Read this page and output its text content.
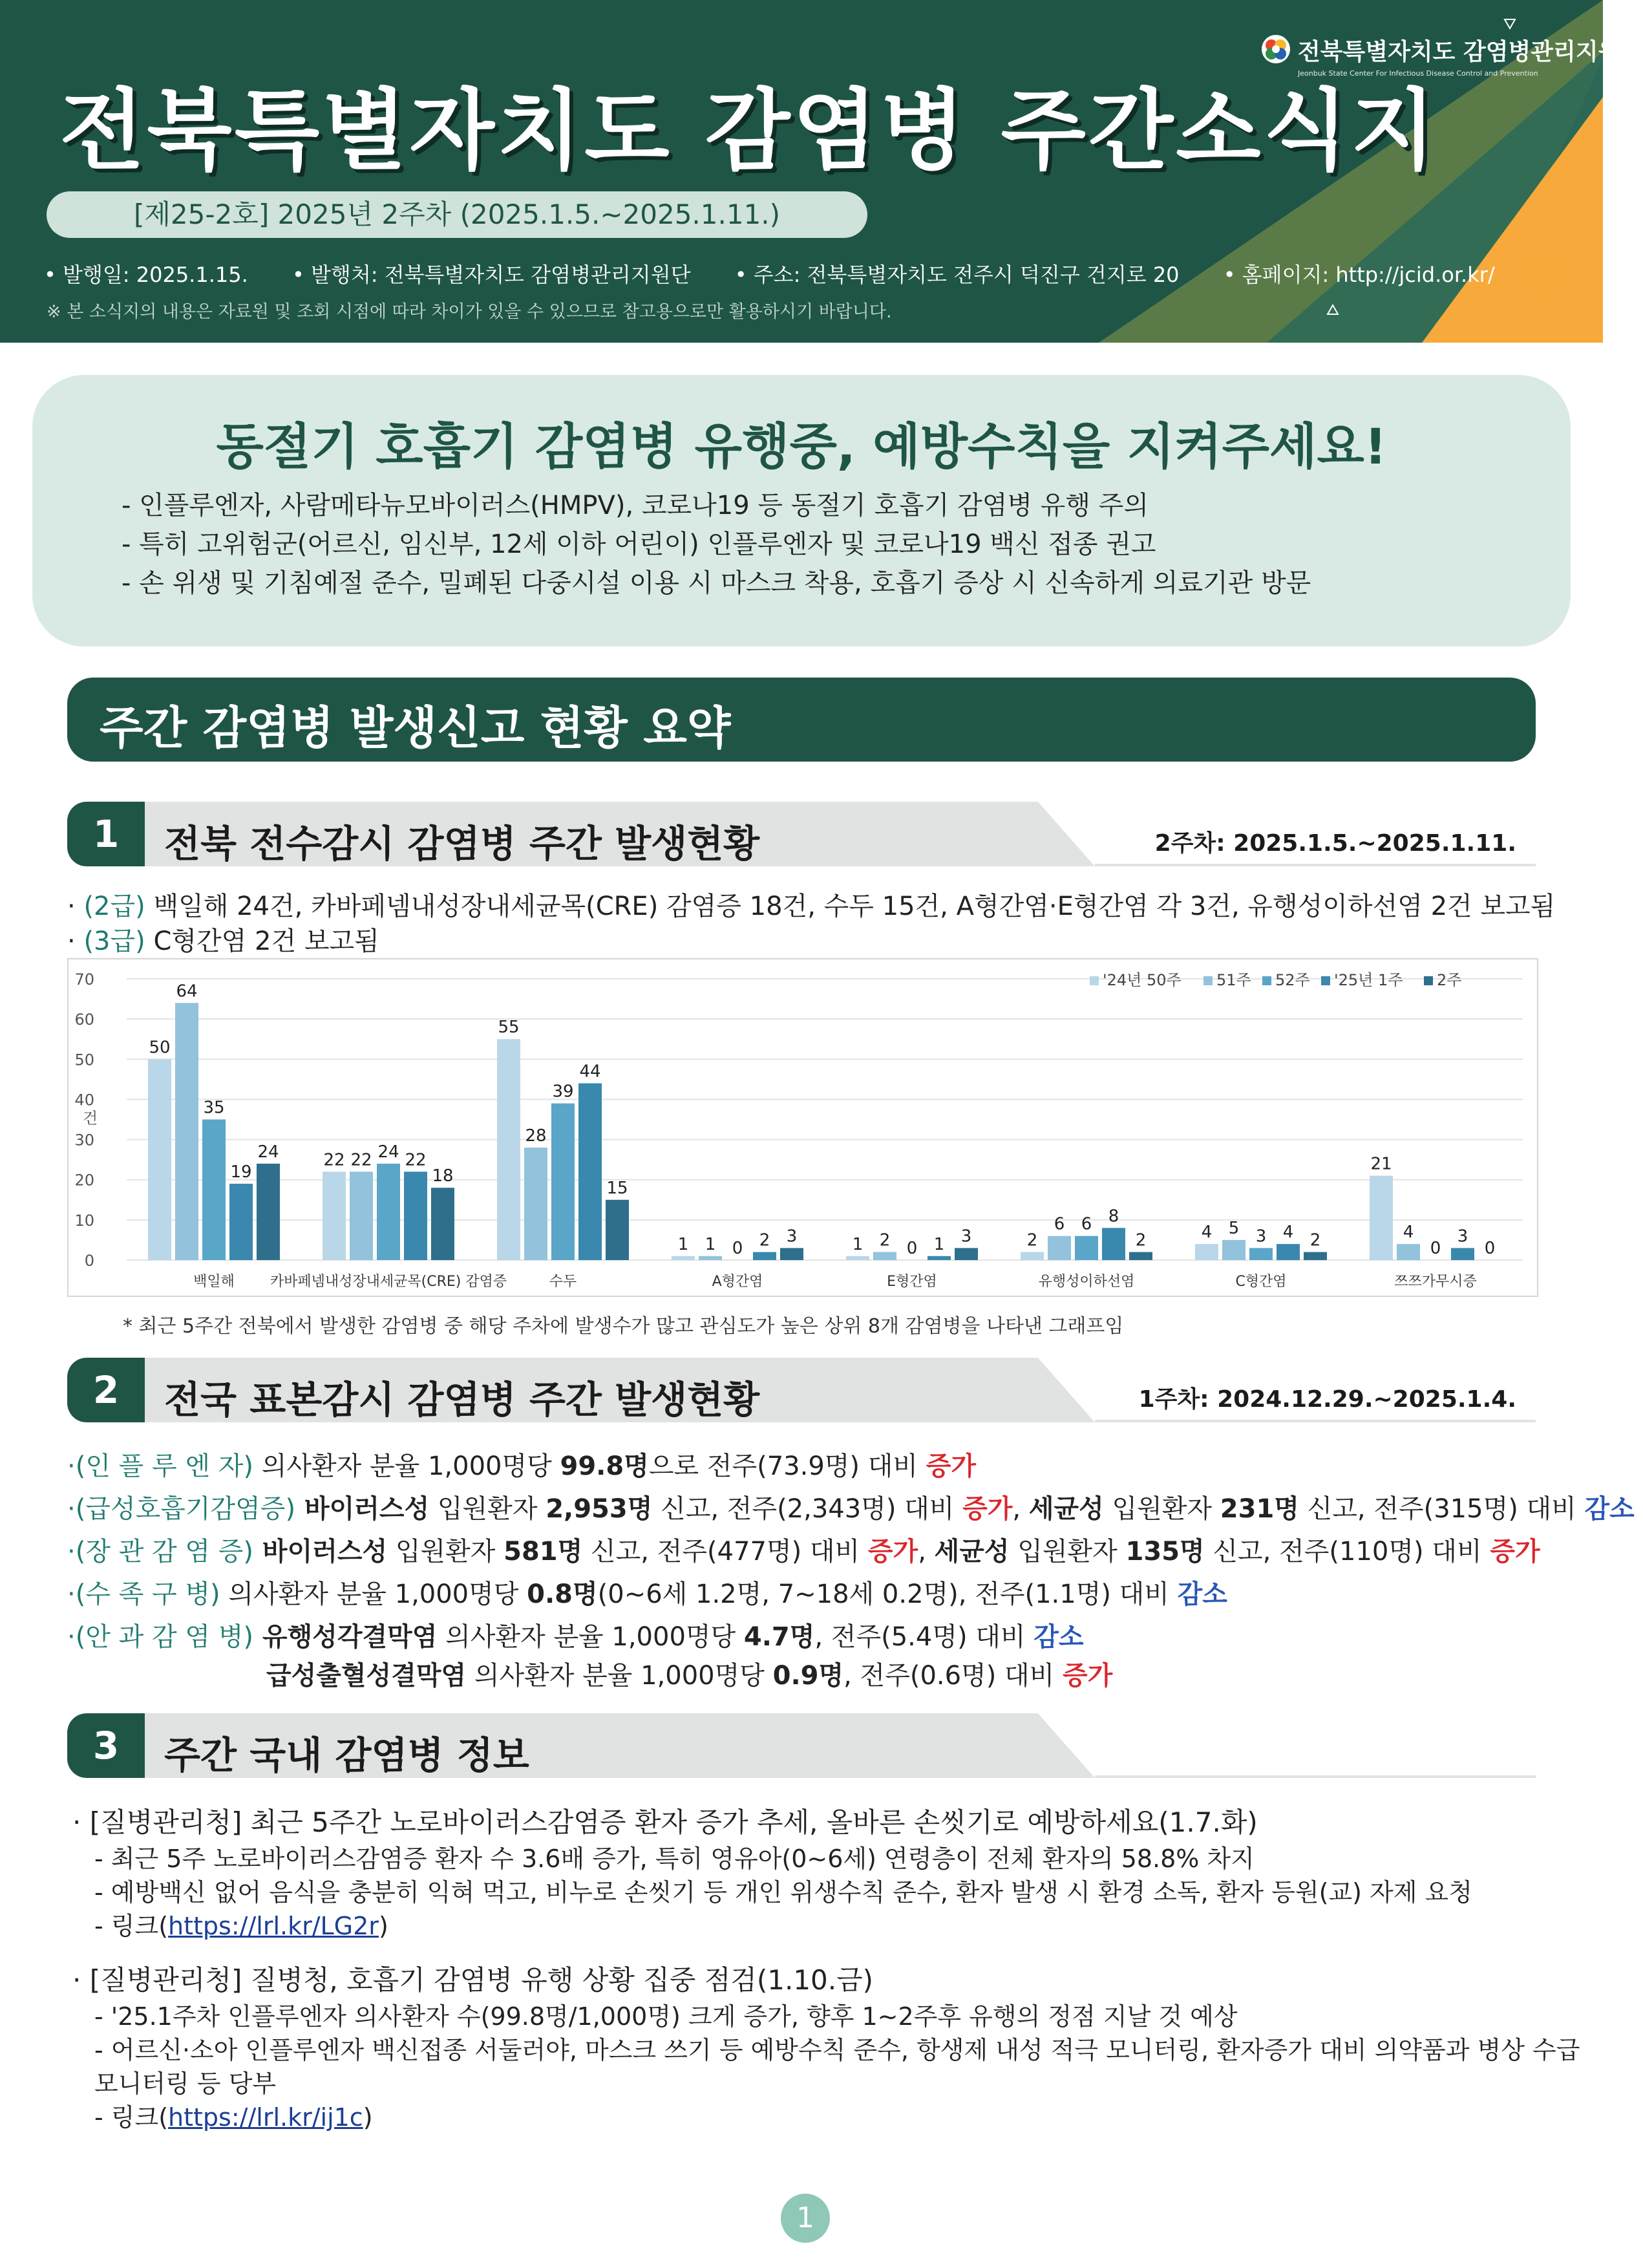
전북특별자치도 감염병 주간소식지
[제25-2호] 2025년 2주차 (2025.1.5.~2025.1.11.)
• 발행일: 2025.1.15. • 발행처: 전북특별자치도 감염병관리지원단 • 주소: 전북특별자치도 전주시 덕진구 건지로 20 • 홈페이지: http://jcid.or.kr/
※ 본 소식지의 내용은 자료원 및 조회 시점에 따라 차이가 있을 수 있으므로 참고용으로만 활용하시기 바랍니다.
전북특별자치도 감염병관리지원단
Jeonbuk State Center For Infectious Disease Control and Prevention
동절기 호흡기 감염병 유행중, 예방수칙을 지켜주세요!
- 인플루엔자, 사람메타뉴모바이러스(HMPV), 코로나19 등 동절기 호흡기 감염병 유행 주의
- 특히 고위험군(어르신, 임신부, 12세 이하 어린이) 인플루엔자 및 코로나19 백신 접종 권고
- 손 위생 및 기침예절 준수, 밀폐된 다중시설 이용 시 마스크 착용, 호흡기 증상 시 신속하게 의료기관 방문
주간 감염병 발생신고 현황 요약
1	전북 전수감시 감염병 주간 발생현황	2주차: 2025.1.5.~2025.1.11.
· (2급) 백일해 24건, 카바페넴내성장내세균목(CRE) 감염증 18건, 수두 15건, A형간염·E형간염 각 3건, 유행성이하선염 2건 보고됨
· (3급) C형간염 2건 보고됨
0
10
20
30
40
50
60
70
건
50
64
35
19
24
백일해
22 22 24 22
18
카바페넴내성장내세균목(CRE) 감염증
55
28
39
44
15
수두
1 1 0 2 3
A형간염
1 2 0 1 3
E형간염
2
6 6 8
2
유행성이하선염
4 5 3 4 2
C형간염
21
4
0
3
0
쯔쯔가무시증
'24년 50주 51주 52주 '25년 1주 2주
* 최근 5주간 전북에서 발생한 감염병 중 해당 주차에 발생수가 많고 관심도가 높은 상위 8개 감염병을 나타낸 그래프임
2	전국 표본감시 감염병 주간 발생현황	1주차: 2024.12.29.~2025.1.4.
·(인 플 루 엔 자) 의사환자 분율 1,000명당 99.8명으로 전주(73.9명) 대비 증가
·(급성호흡기감염증) 바이러스성 입원환자 2,953명 신고, 전주(2,343명) 대비 증가, 세균성 입원환자 231명 신고, 전주(315명) 대비 감소
·(장 관 감 염 증) 바이러스성 입원환자 581명 신고, 전주(477명) 대비 증가, 세균성 입원환자 135명 신고, 전주(110명) 대비 증가
·(수 족 구 병) 의사환자 분율 1,000명당 0.8명(0~6세 1.2명, 7~18세 0.2명), 전주(1.1명) 대비 감소
·(안 과 감 염 병) 유행성각결막염 의사환자 분율 1,000명당 4.7명, 전주(5.4명) 대비 감소
급성출혈성결막염 의사환자 분율 1,000명당 0.9명, 전주(0.6명) 대비 증가
3	주간 국내 감염병 정보
· [질병관리청] 최근 5주간 노로바이러스감염증 환자 증가 추세, 올바른 손씻기로 예방하세요(1.7.화)
- 최근 5주 노로바이러스감염증 환자 수 3.6배 증가, 특히 영유아(0~6세) 연령층이 전체 환자의 58.8% 차지
- 예방백신 없어 음식을 충분히 익혀 먹고, 비누로 손씻기 등 개인 위생수칙 준수, 환자 발생 시 환경 소독, 환자 등원(교) 자제 요청
- 링크(https://lrl.kr/LG2r)
· [질병관리청] 질병청, 호흡기 감염병 유행 상황 집중 점검(1.10.금)
- '25.1주차 인플루엔자 의사환자 수(99.8명/1,000명) 크게 증가, 향후 1~2주후 유행의 정점 지날 것 예상
- 어르신·소아 인플루엔자 백신접종 서둘러야, 마스크 쓰기 등 예방수칙 준수, 항생제 내성 적극 모니터링, 환자증가 대비 의약품과 병상 수급
모니터링 등 당부
- 링크(https://lrl.kr/ij1c)
1
